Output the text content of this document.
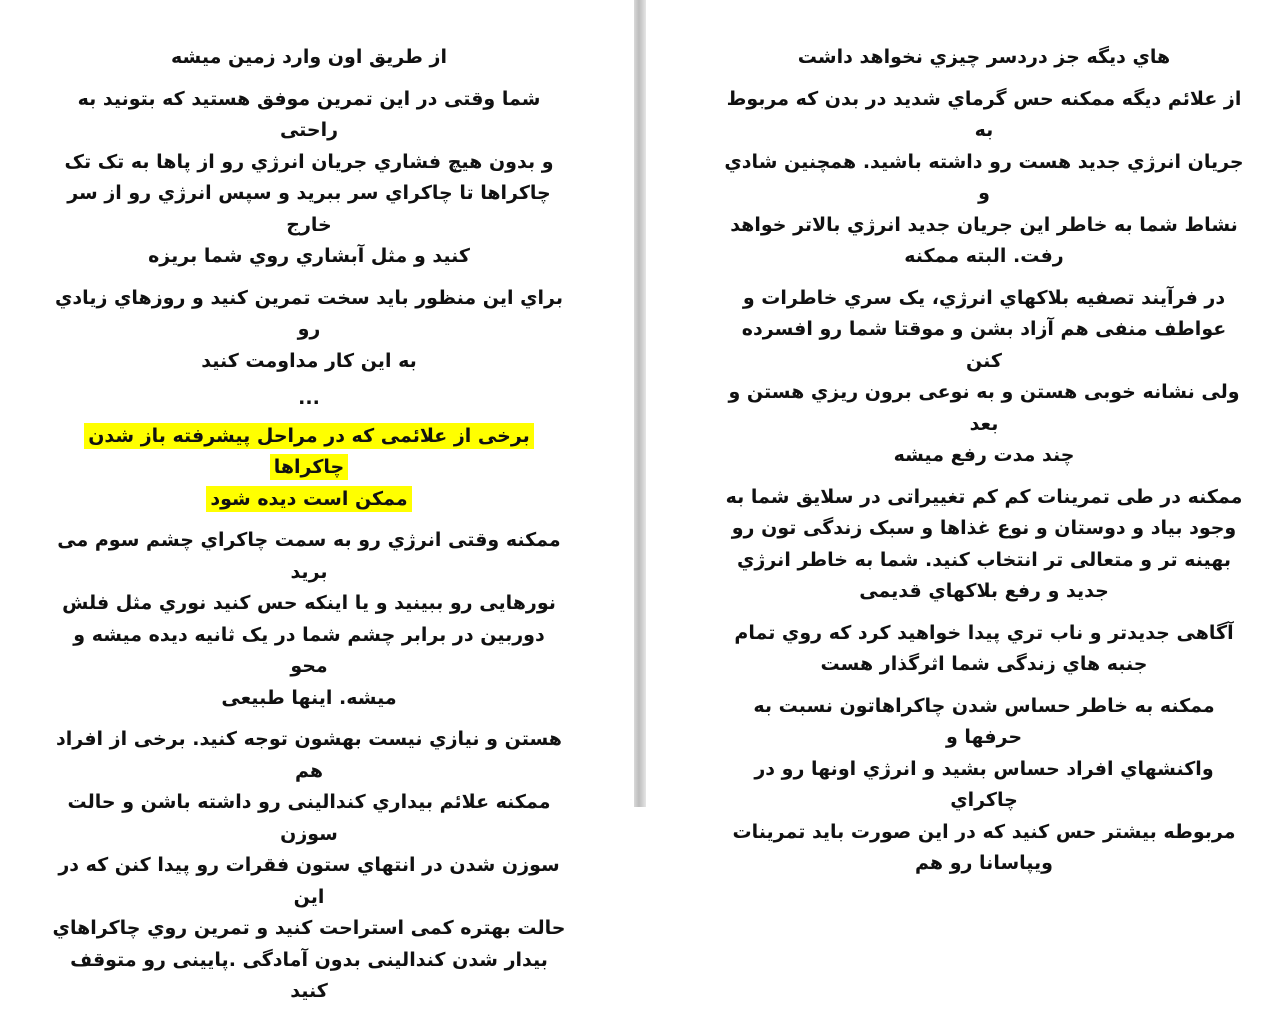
از طریق اون وارد زمین میشه

شما وقتی در این تمرین موفق هستید که بتونید به راحتی
و بدون هیچ فشاري جریان انرژي رو از پاها به تک تک
چاکراها تا چاکراي سر ببرید و سپس انرژي رو از سر خارج
کنید و مثل آبشاري روي شما بریزه

براي این منظور باید سخت تمرین کنید و روزهاي زیادي رو
به این کار مداومت کنید

...

برخی از علائمی که در مراحل پیشرفته باز شدن چاکراها
ممکن است دیده شود

ممکنه وقتی انرژي رو به سمت چاکراي چشم سوم می برید
نورهایی رو ببینید و یا اینکه حس کنید نوري مثل فلش
دوربین در برابر چشم شما در یک ثانیه دیده میشه و محو
میشه. اینها طبیعی

هستن و نیازي نیست بهشون توجه کنید. برخی از افراد هم
ممکنه علائم بیداري کندالینی رو داشته باشن و حالت سوزن
سوزن شدن در انتهاي ستون فقرات رو پیدا کنن که در این
حالت بهتره کمی استراحت کنید و تمرین روي چاکراهاي
بیدار شدن کندالینی بدون آمادگی .پایینی رو متوقف کنید

هاي دیگه جز دردسر چیزي نخواهد داشت

از علائم دیگه ممکنه حس گرماي شدید در بدن که مربوط به
جریان انرژي جدید هست رو داشته باشید. همچنین شادي و
نشاط شما به خاطر این جریان جدید انرژي بالاتر خواهد
رفت. البته ممکنه

در فرآیند تصفیه بلاکهاي انرژي، یک سري خاطرات و
عواطف منفی هم آزاد بشن و موقتا شما رو افسرده کنن
ولی نشانه خوبی هستن و به نوعی برون ریزي هستن و بعد
چند مدت رفع میشه

ممکنه در طی تمرینات کم کم تغییراتی در سلایق شما به
وجود بیاد و دوستان و نوع غذاها و سبک زندگی تون رو
بهینه تر و متعالی تر انتخاب کنید. شما به خاطر انرژي
جدید و رفع بلاکهاي قدیمی

آگاهی جدیدتر و ناب تري پیدا خواهید کرد که روي تمام
جنبه هاي زندگی شما اثرگذار هست

ممکنه به خاطر حساس شدن چاکراهاتون نسبت به حرفها و
واکنشهاي افراد حساس بشید و انرژي اونها رو در چاکراي
مربوطه بیشتر حس کنید که در این صورت باید تمرینات
ویپاسانا رو هم
